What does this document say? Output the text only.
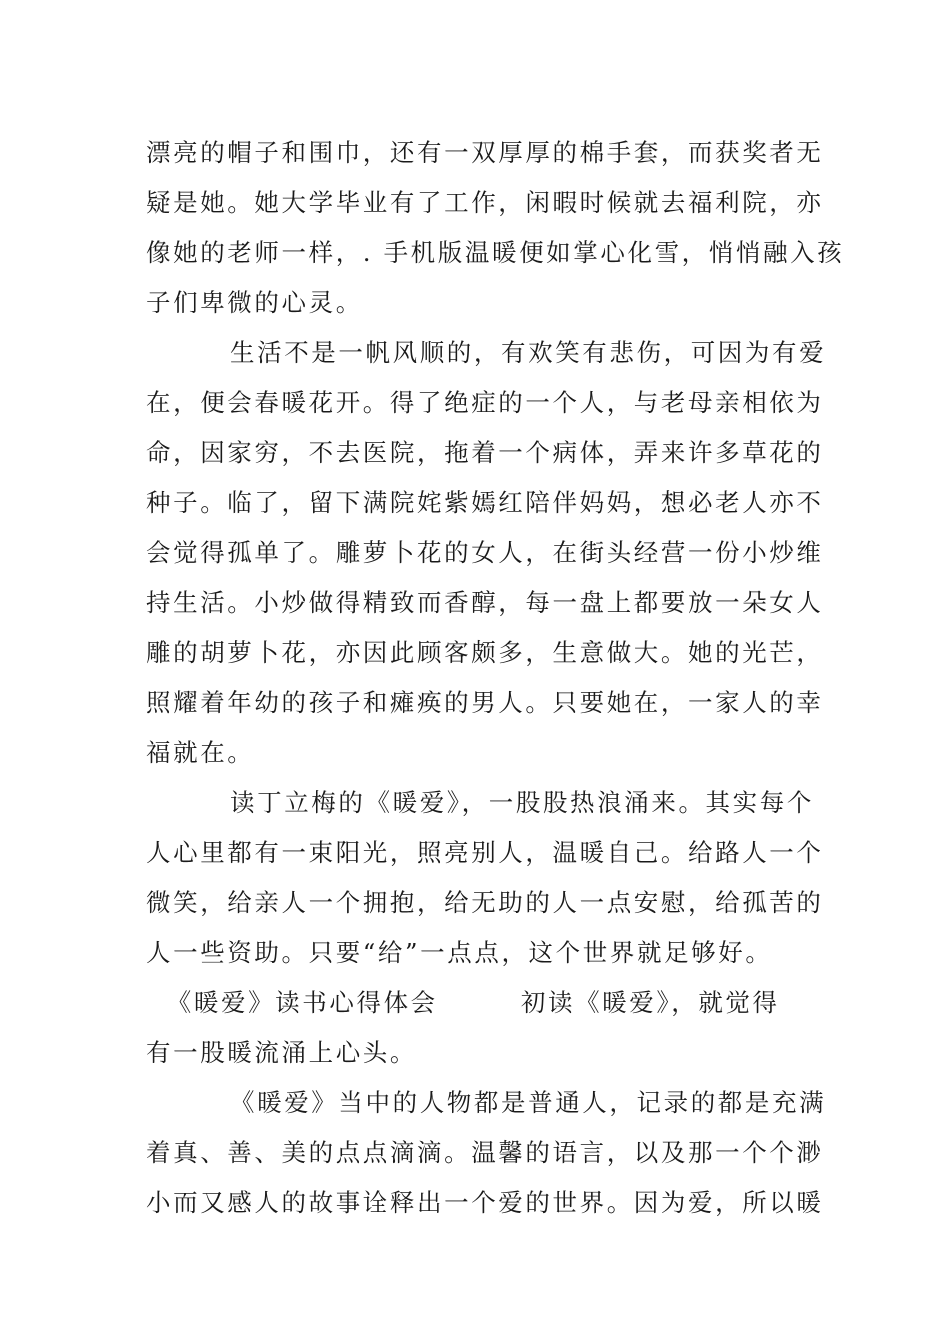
漂亮的帽子和围巾，还有一双厚厚的棉手套，而获奖者无
疑是她。她大学毕业有了工作，闲暇时候就去福利院，亦
像她的老师一样，. 手机版温暖便如掌心化雪，悄悄融入孩
子们卑微的心灵。

生活不是一帆风顺的，有欢笑有悲伤，可因为有爱
在，便会春暖花开。得了绝症的一个人，与老母亲相依为
命，因家穷，不去医院，拖着一个病体，弄来许多草花的
种子。临了，留下满院姹紫嫣红陪伴妈妈，想必老人亦不
会觉得孤单了。雕萝卜花的女人，在街头经营一份小炒维
持生活。小炒做得精致而香醇，每一盘上都要放一朵女人
雕的胡萝卜花，亦因此顾客颇多，生意做大。她的光芒，
照耀着年幼的孩子和瘫痪的男人。只要她在，一家人的幸
福就在。

读丁立梅的《暖爱》，一股股热浪涌来。其实每个
人心里都有一束阳光，照亮别人，温暖自己。给路人一个
微笑，给亲人一个拥抱，给无助的人一点安慰，给孤苦的
人一些资助。只要“给”一点点，这个世界就足够好。

《暖爱》读书心得体会        初读《暖爱》，就觉得
有一股暖流涌上心头。

《暖爱》当中的人物都是普通人，记录的都是充满
着真、善、美的点点滴滴。温馨的语言，以及那一个个渺
小而又感人的故事诠释出一个爱的世界。因为爱，所以暖
